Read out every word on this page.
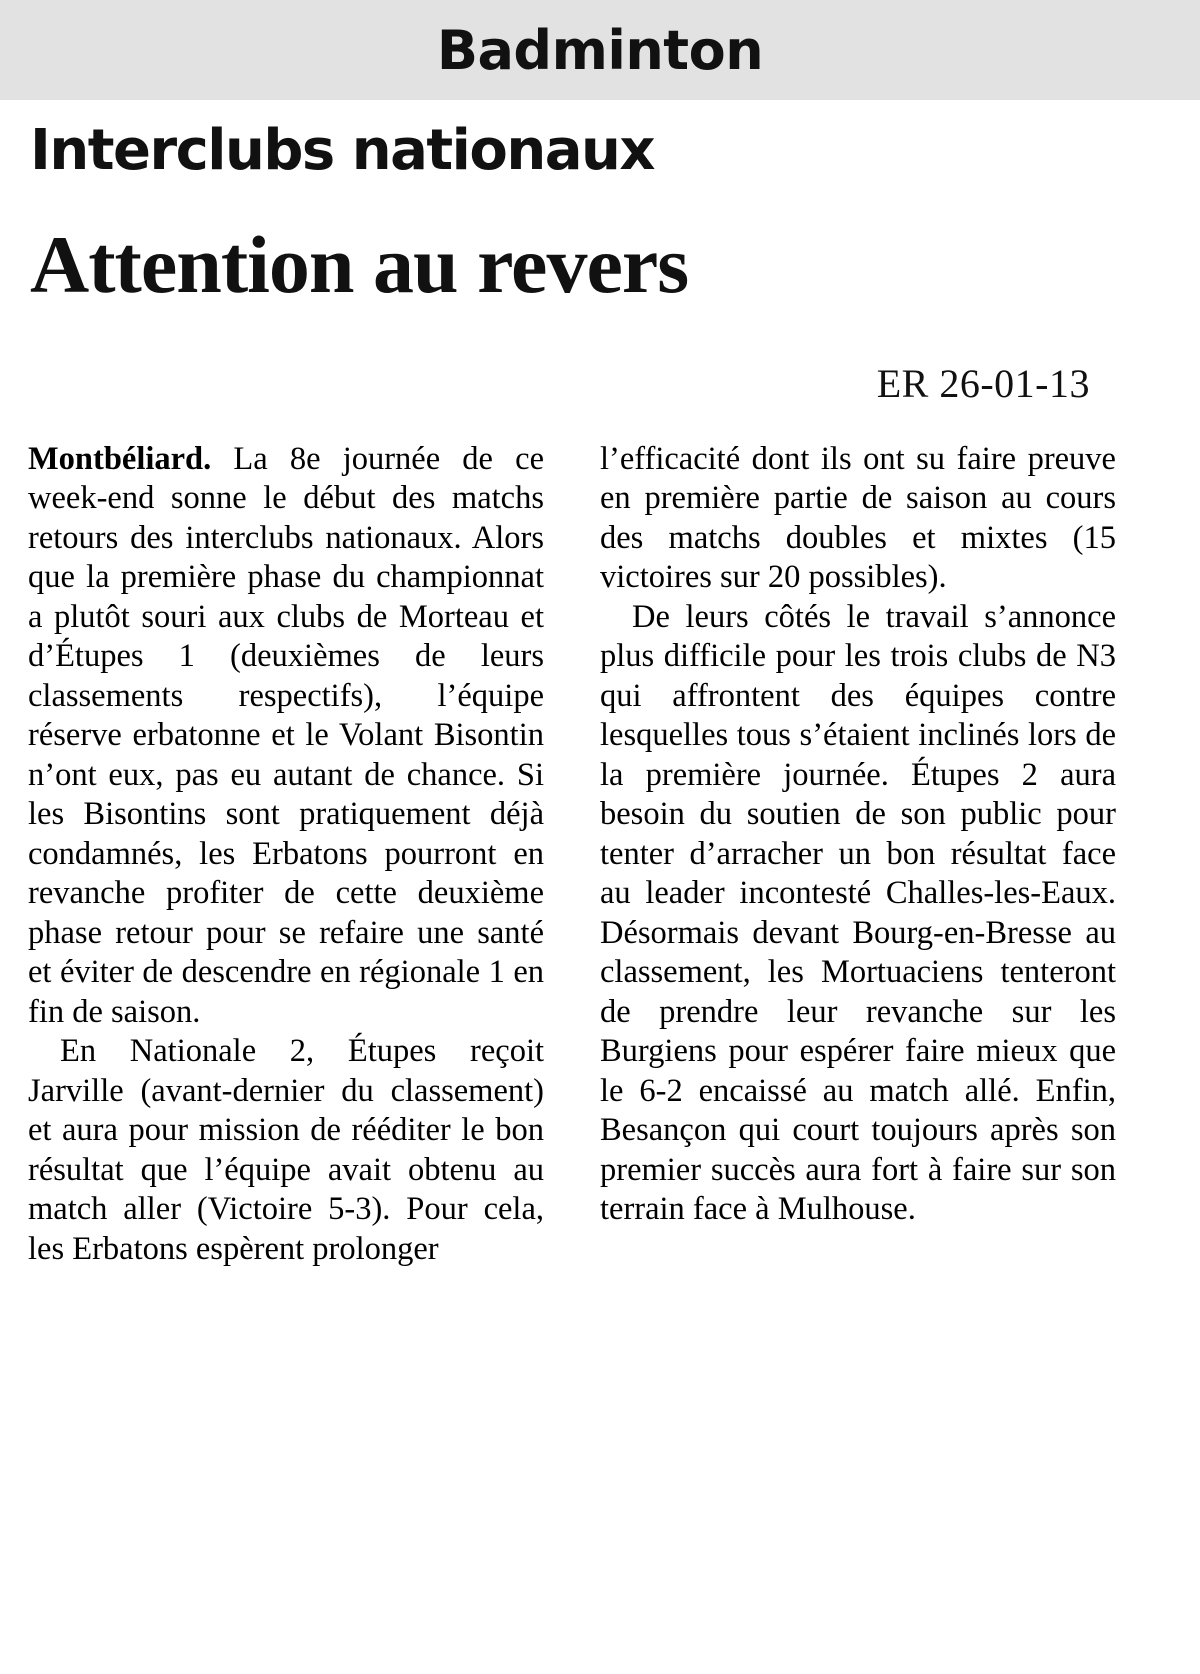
Badminton
Interclubs nationaux
Attention au revers
ER 26-01-13

Montbéliard. La 8e journée de ce week-end sonne le début des matchs retours des interclubs nationaux. Alors que la première phase du championnat a plutôt souri aux clubs de Morteau et d’Étupes 1 (deuxièmes de leurs classements respectifs), l’équipe réserve erbatonne et le Volant Bisontin n’ont eux, pas eu autant de chance. Si les Bisontins sont pratiquement déjà condamnés, les Erbatons pourront en revanche profiter de cette deuxième phase retour pour se refaire une santé et éviter de descendre en régionale 1 en fin de saison.

En Nationale 2, Étupes reçoit Jarville (avant-dernier du classement) et aura pour mission de rééditer le bon résultat que l’équipe avait obtenu au match aller (Victoire 5-3). Pour cela, les Erbatons espèrent prolonger

l’efficacité dont ils ont su faire preuve en première partie de saison au cours des matchs doubles et mixtes (15 victoires sur 20 possibles).

De leurs côtés le travail s’annonce plus difficile pour les trois clubs de N3 qui affrontent des équipes contre lesquelles tous s’étaient inclinés lors de la première journée. Étupes 2 aura besoin du soutien de son public pour tenter d’arracher un bon résultat face au leader incontesté Challes-les-Eaux. Désormais devant Bourg-en-Bresse au classement, les Mortuaciens tenteront de prendre leur revanche sur les Burgiens pour espérer faire mieux que le 6-2 encaissé au match allé. Enfin, Besançon qui court toujours après son premier succès aura fort à faire sur son terrain face à Mulhouse.
